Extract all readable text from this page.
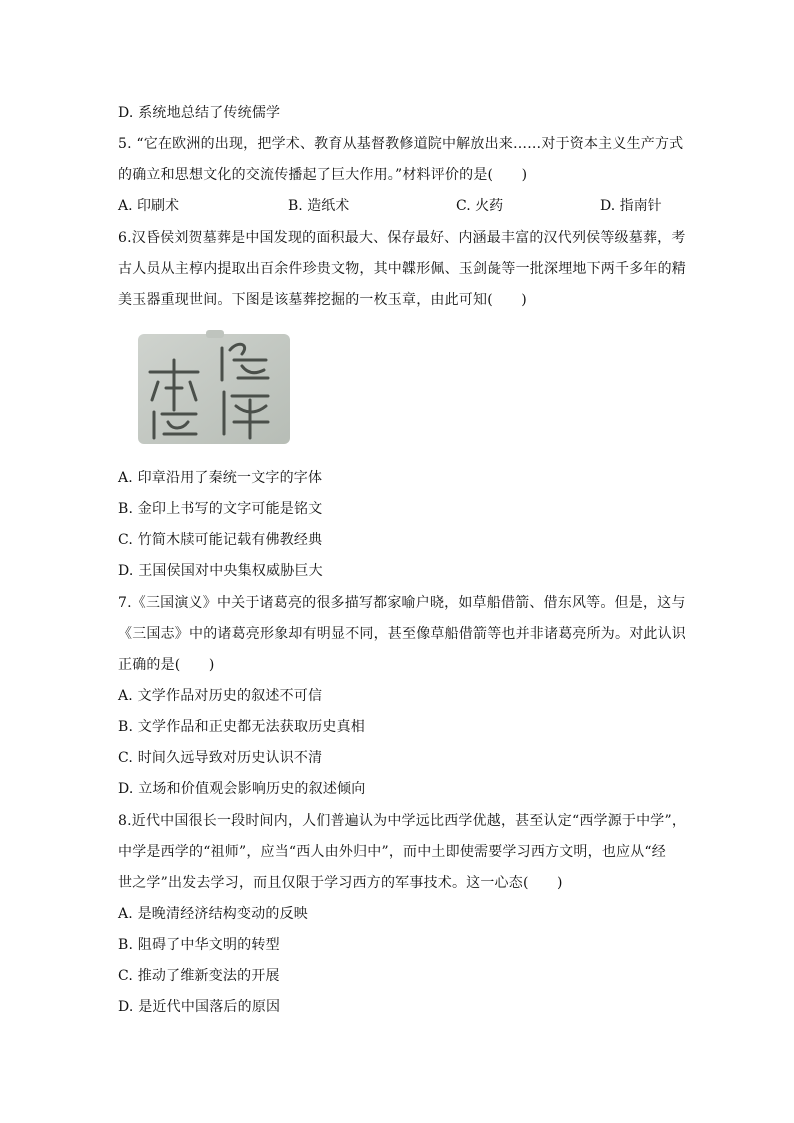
D. 系统地总结了传统儒学
5. “它在欧洲的出现，把学术、教育从基督教修道院中解放出来……对于资本主义生产方式
的确立和思想文化的交流传播起了巨大作用。”材料评价的是(　　)
A. 印刷术	B. 造纸术	C. 火药	D. 指南针
6.汉昏侯刘贺墓葬是中国发现的面积最大、保存最好、内涵最丰富的汉代列侯等级墓葬，考
古人员从主椁内提取出百余件珍贵文物，其中韘形佩、玉剑彘等一批深埋地下两千多年的精
美玉器重现世间。下图是该墓葬挖掘的一枚玉章，由此可知(　　)
A. 印章沿用了秦统一文字的字体
B. 金印上书写的文字可能是铭文
C. 竹简木牍可能记载有佛教经典
D. 王国侯国对中央集权威胁巨大
7.《三国演义》中关于诸葛亮的很多描写都家喻户晓，如草船借箭、借东风等。但是，这与
《三国志》中的诸葛亮形象却有明显不同，甚至像草船借箭等也并非诸葛亮所为。对此认识
正确的是(　　)
A. 文学作品对历史的叙述不可信
B. 文学作品和正史都无法获取历史真相
C. 时间久远导致对历史认识不清
D. 立场和价值观会影响历史的叙述倾向
8.近代中国很长一段时间内，人们普遍认为中学远比西学优越，甚至认定“西学源于中学”，
中学是西学的“祖师”，应当“西人由外归中”，而中土即使需要学习西方文明，也应从“经
世之学”出发去学习，而且仅限于学习西方的军事技术。这一心态(　　)
A. 是晚清经济结构变动的反映
B. 阻碍了中华文明的转型
C. 推动了维新变法的开展
D. 是近代中国落后的原因
